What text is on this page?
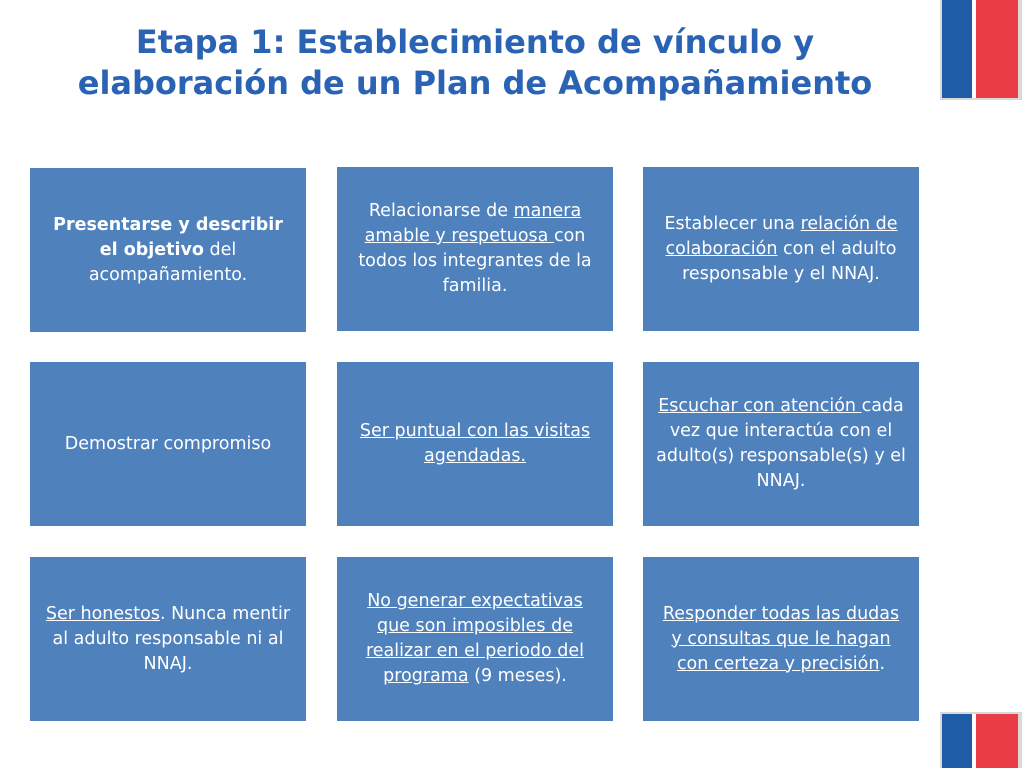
Etapa 1: Establecimiento de vínculo y
elaboración de un Plan de Acompañamiento
Presentarse y describir el objetivo del acompañamiento.
Relacionarse de manera amable y respetuosa con todos los integrantes de la familia.
Establecer una relación de colaboración con el adulto responsable y el NNAJ.
Demostrar compromiso
Ser puntual con las visitas agendadas.
Escuchar con atención cada vez que interactúa con el adulto(s) responsable(s) y el NNAJ.
Ser honestos. Nunca mentir al adulto responsable ni al NNAJ.
No generar expectativas que son imposibles de realizar en el periodo del programa (9 meses).
Responder todas las dudas y consultas que le hagan con certeza y precisión.
